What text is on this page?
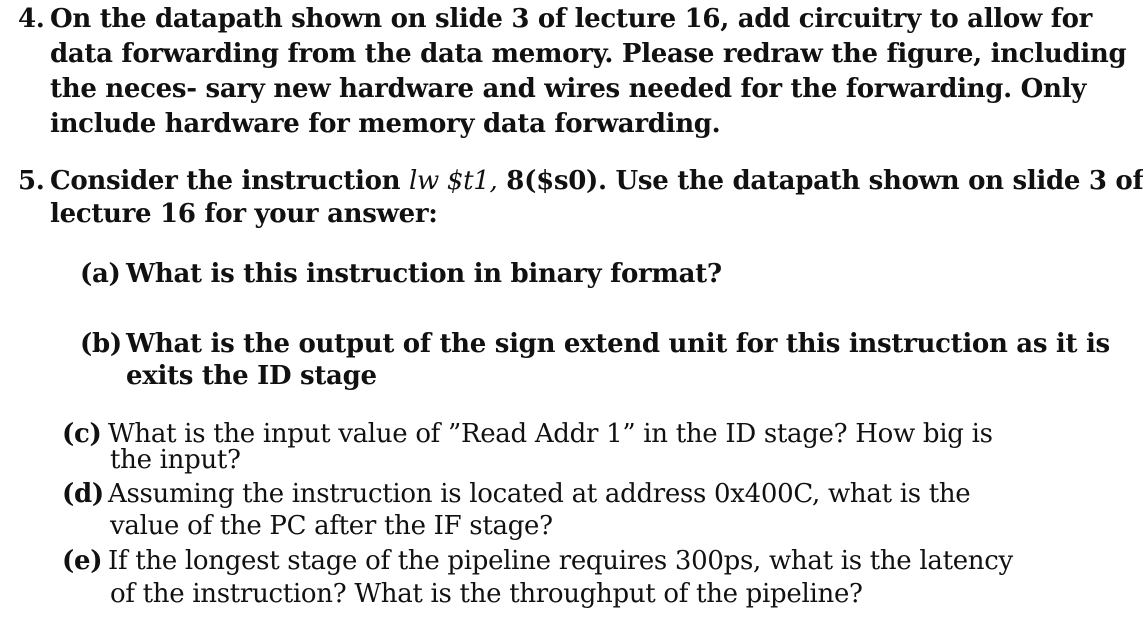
4. On the datapath shown on slide 3 of lecture 16, add circuitry to allow for
data forwarding from the data memory. Please redraw the figure, including
the neces- sary new hardware and wires needed for the forwarding. Only
include hardware for memory data forwarding.
5. Consider the instruction lw $t1, 8($s0). Use the datapath shown on slide 3 of
lecture 16 for your answer:
(a) What is this instruction in binary format?
(b) What is the output of the sign extend unit for this instruction as it is
exits the ID stage
(c) What is the input value of ”Read Addr 1” in the ID stage? How big is
the input?
(d) Assuming the instruction is located at address 0x400C, what is the
value of the PC after the IF stage?
(e) If the longest stage of the pipeline requires 300ps, what is the latency
of the instruction? What is the throughput of the pipeline?
